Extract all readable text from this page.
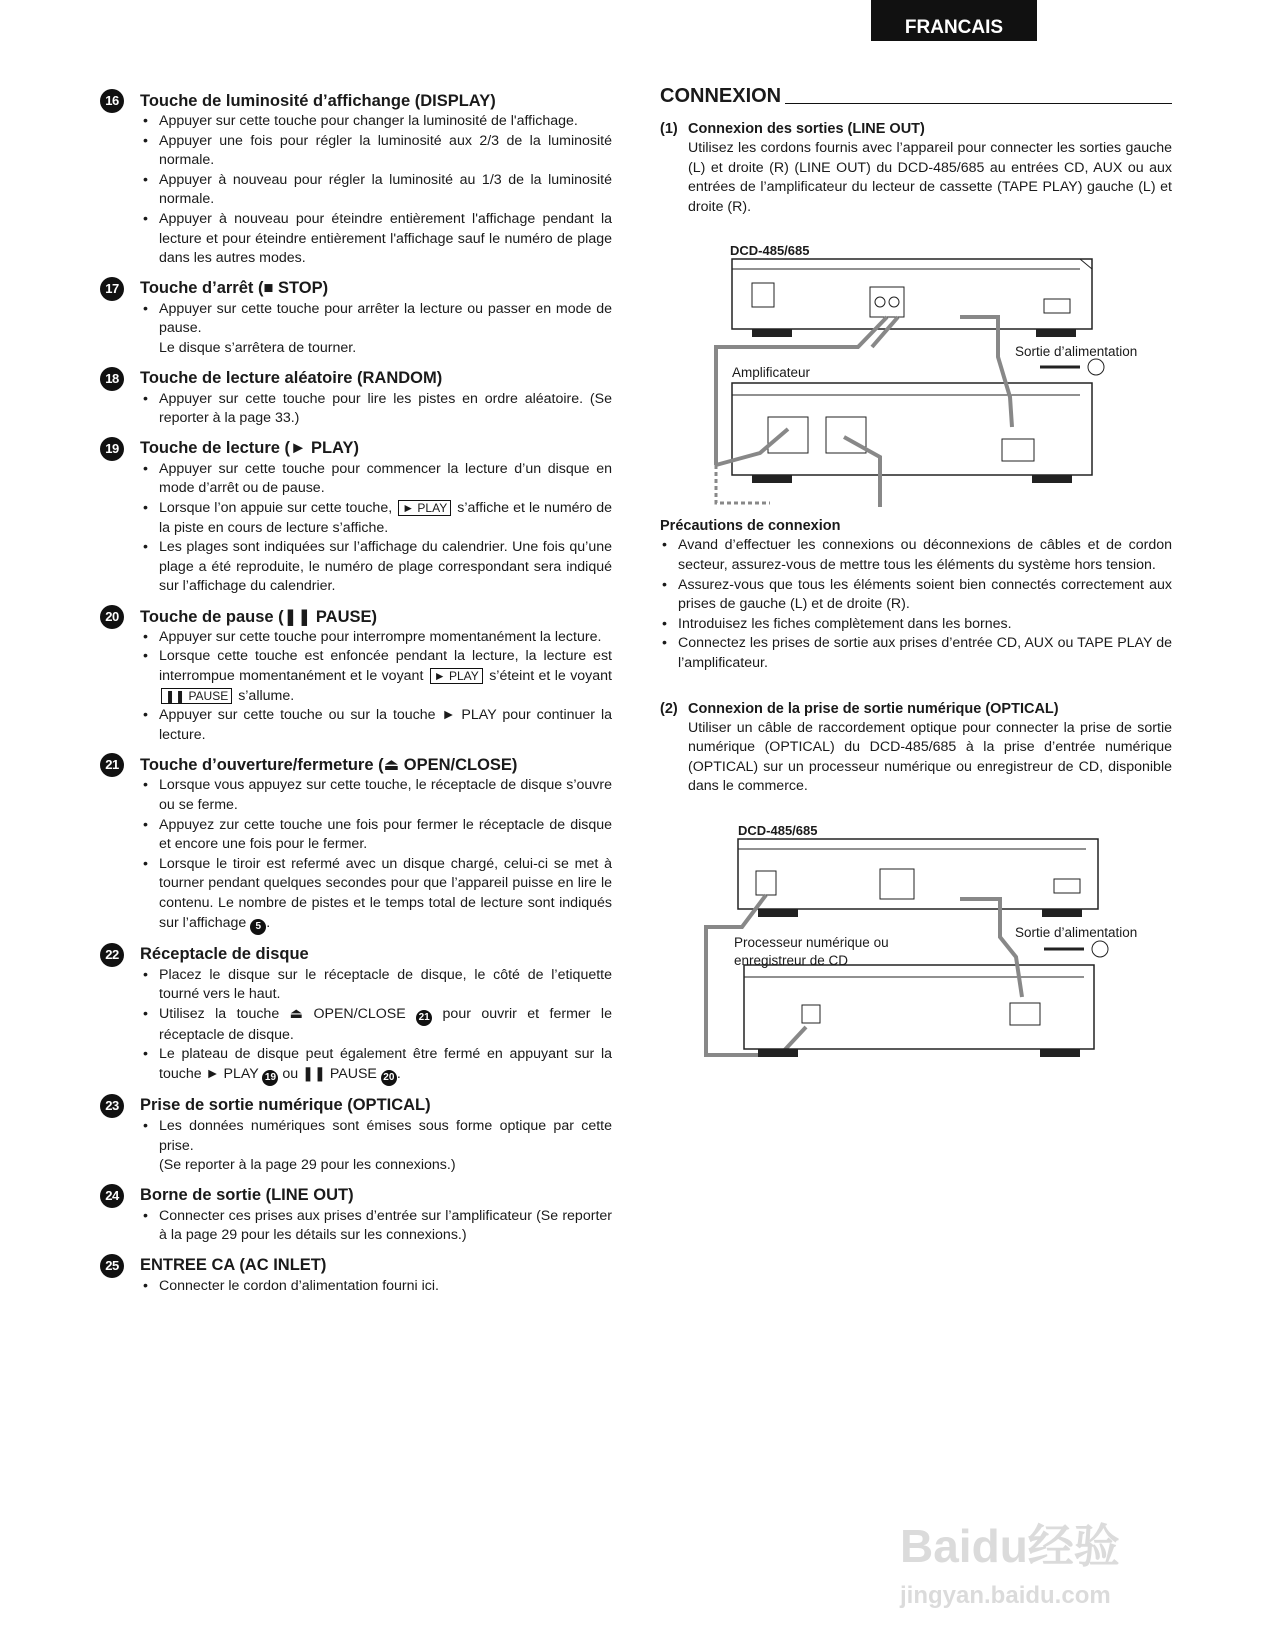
FRANCAIS
16	Touche de luminosité d’affichange (DISPLAY)
• Appuyer sur cette touche pour changer la luminosité de l'affichage.
• Appuyer une fois pour régler la luminosité aux 2/3 de la luminosité normale.
• Appuyer à nouveau pour régler la luminosité au 1/3 de la luminosité normale.
• Appuyer à nouveau pour éteindre entièrement l'affichage pendant la lecture et pour éteindre entièrement l'affichage sauf le numéro de plage dans les autres modes.
17	Touche d’arrêt (■ STOP)
• Appuyer sur cette touche pour arrêter la lecture ou passer en mode de pause.
Le disque s’arrêtera de tourner.
18	Touche de lecture aléatoire (RANDOM)
• Appuyer sur cette touche pour lire les pistes en ordre aléatoire. (Se reporter à la page 33.)
19	Touche de lecture (► PLAY)
• Appuyer sur cette touche pour commencer la lecture d’un disque en mode d’arrêt ou de pause.
• Lorsque l’on appuie sur cette touche, ► PLAY s’affiche et le numéro de la piste en cours de lecture s’affiche.
• Les plages sont indiquées sur l’affichage du calendrier. Une fois qu’une plage a été reproduite, le numéro de plage correspondant sera indiqué sur l’affichage du calendrier.
20	Touche de pause (❚❚ PAUSE)
• Appuyer sur cette touche pour interrompre momentanément la lecture.
• Lorsque cette touche est enfoncée pendant la lecture, la lecture est interrompue momentanément et le voyant ► PLAY s’éteint et le voyant ❚❚ PAUSE s’allume.
• Appuyer sur cette touche ou sur la touche ► PLAY pour continuer la lecture.
21	Touche d’ouverture/fermeture (⏏ OPEN/CLOSE)
• Lorsque vous appuyez sur cette touche, le réceptacle de disque s’ouvre ou se ferme.
• Appuyez zur cette touche une fois pour fermer le réceptacle de disque et encore une fois pour le fermer.
• Lorsque le tiroir est refermé avec un disque chargé, celui-ci se met à tourner pendant quelques secondes pour que l’appareil puisse en lire le contenu. Le nombre de pistes et le temps total de lecture sont indiqués sur l’affichage 5 .
22	Réceptacle de disque
• Placez le disque sur le réceptacle de disque, le côté de l’etiquette tourné vers le haut.
• Utilisez la touche ⏏ OPEN/CLOSE 21 pour ouvrir et fermer le réceptacle de disque.
• Le plateau de disque peut également être fermé en appuyant sur la touche ► PLAY 19 ou ❚❚ PAUSE 20 .
23	Prise de sortie numérique (OPTICAL)
• Les données numériques sont émises sous forme optique par cette prise.
(Se reporter à la page 29 pour les connexions.)
24	Borne de sortie (LINE OUT)
• Connecter ces prises aux prises d’entrée sur l’amplificateur (Se reporter à la page 29 pour les détails sur les connexions.)
25	ENTREE CA (AC INLET)
• Connecter le cordon d’alimentation fourni ici.
CONNEXION
(1) Connexion des sorties (LINE OUT)
Utilisez les cordons fournis avec l’appareil pour connecter les sorties gauche (L) et droite (R) (LINE OUT) du DCD-485/685 au entrées CD, AUX ou aux entrées de l’amplificateur du lecteur de cassette (TAPE PLAY) gauche (L) et droite (R).
DCD-485/685
Amplificateur
Sortie d’alimentation
Précautions de connexion
• Avand d’effectuer les connexions ou déconnexions de câbles et de cordon secteur, assurez-vous de mettre tous les éléments du système hors tension.
• Assurez-vous que tous les éléments soient bien connectés correctement aux prises de gauche (L) et de droite (R).
• Introduisez les fiches complètement dans les bornes.
• Connectez les prises de sortie aux prises d’entrée CD, AUX ou TAPE PLAY de l’amplificateur.
(2) Connexion de la prise de sortie numérique (OPTICAL)
Utiliser un câble de raccordement optique pour connecter la prise de sortie numérique (OPTICAL) du DCD-485/685 à la prise d’entrée numérique (OPTICAL) sur un processeur numérique ou enregistreur de CD, disponible dans le commerce.
DCD-485/685
Processeur numérique ou
enregistreur de CD
Sortie d’alimentation
Baidu经验
jingyan.baidu.com
